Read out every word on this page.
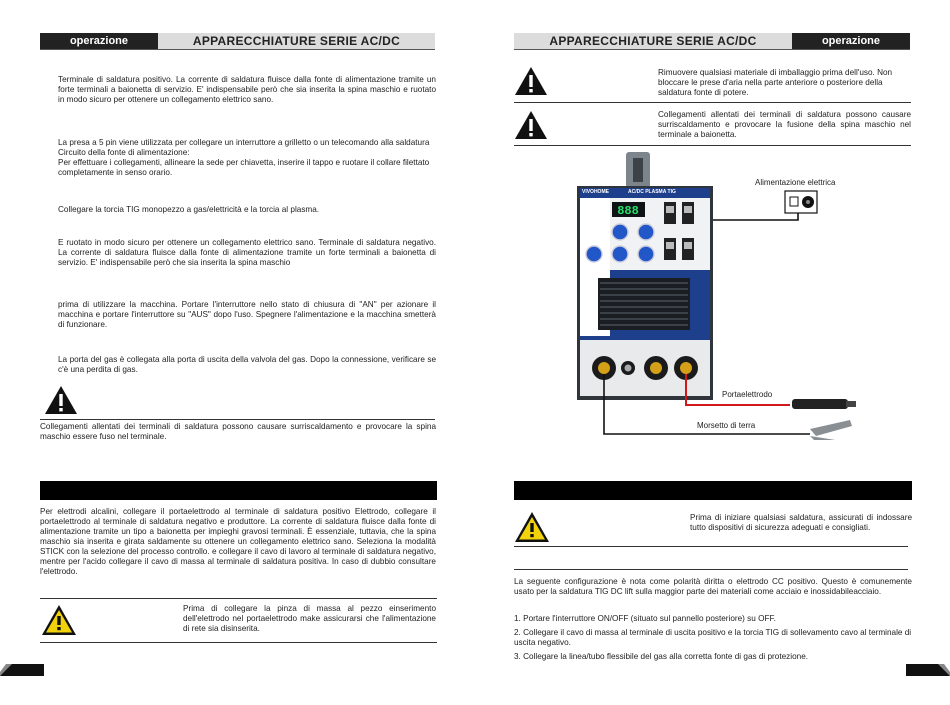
operazione	APPARECCHIATURE SERIE AC/DC

Terminale di saldatura positivo. La corrente di saldatura fluisce dalla fonte di alimentazione tramite un forte terminali a baionetta di servizio. E' indispensabile però che sia inserita la spina maschio e ruotato in modo sicuro per ottenere un collegamento elettrico sano.

La presa a 5 pin viene utilizzata per collegare un interruttore a grilletto o un telecomando alla saldatura Circuito della fonte di alimentazione:

Per effettuare i collegamenti, allineare la sede per chiavetta, inserire il tappo e ruotare il collare filettato completamente in senso orario.

Collegare la torcia TIG monopezzo a gas/elettricità e la torcia al plasma.

E ruotato in modo sicuro per ottenere un collegamento elettrico sano. Terminale di saldatura negativo. La corrente di saldatura fluisce dalla fonte di alimentazione tramite un forte terminali a baionetta di servizio. E' indispensabile però che sia inserita la spina maschio

prima di utilizzare la macchina. Portare l'interruttore nello stato di chiusura di "AN" per azionare il macchina e portare l'interruttore su "AUS" dopo l'uso. Spegnere l'alimentazione e la macchina smetterà di funzionare.

La porta del gas è collegata alla porta di uscita della valvola del gas. Dopo la connessione, verificare se c'è una perdita di gas.

Collegamenti allentati dei terminali di saldatura possono causare surriscaldamento e provocare la spina maschio essere fuso nel terminale.

Per elettrodi alcalini, collegare il portaelettrodo al terminale di saldatura positivo Elettrodo, collegare il portaelettrodo al terminale di saldatura negativo e produttore. La corrente di saldatura fluisce dalla fonte di alimentazione tramite un tipo a baionetta per impieghi gravosi terminali. È essenziale, tuttavia, che la spina maschio sia inserita e girata saldamente su ottenere un collegamento elettrico sano. Seleziona la modalità STICK con la selezione del processo controllo. e collegare il cavo di lavoro al terminale di saldatura negativo, mentre per l'acido collegare il cavo di massa al terminale di saldatura positiva. In caso di dubbio consultare l'elettrodo.

Prima di collegare la pinza di massa al pezzo einserimento dell'elettrodo nel portaelettrodo make assicurarsi che l'alimentazione di rete sia disinserita.

APPARECCHIATURE SERIE AC/DC	operazione

Rimuovere qualsiasi materiale di imballaggio prima dell'uso. Non bloccare le prese d'aria nella parte anteriore o posteriore della saldatura fonte di potere.

Collegamenti allentati dei terminali di saldatura possono causare surriscaldamento e provocare la fusione della spina maschio nel terminale a baionetta.

888
VIVOHOME	AC/DC PLASMA TIG
Alimentazione elettrica
Portaelettrodo
Morsetto di terra

Prima di iniziare qualsiasi saldatura, assicurati di indossare tutto dispositivi di sicurezza adeguati e consigliati.

La seguente configurazione è nota come polarità diritta o elettrodo CC positivo. Questo è comunemente usato per la saldatura TIG DC lift sulla maggior parte dei materiali come acciaio e inossidabileacciaio.

1. Portare l'interruttore ON/OFF (situato sul pannello posteriore) su OFF.

2. Collegare il cavo di massa al terminale di uscita positivo e la torcia TIG di sollevamento cavo al terminale di uscita negativo.

3. Collegare la linea/tubo flessibile del gas alla corretta fonte di gas di protezione.
